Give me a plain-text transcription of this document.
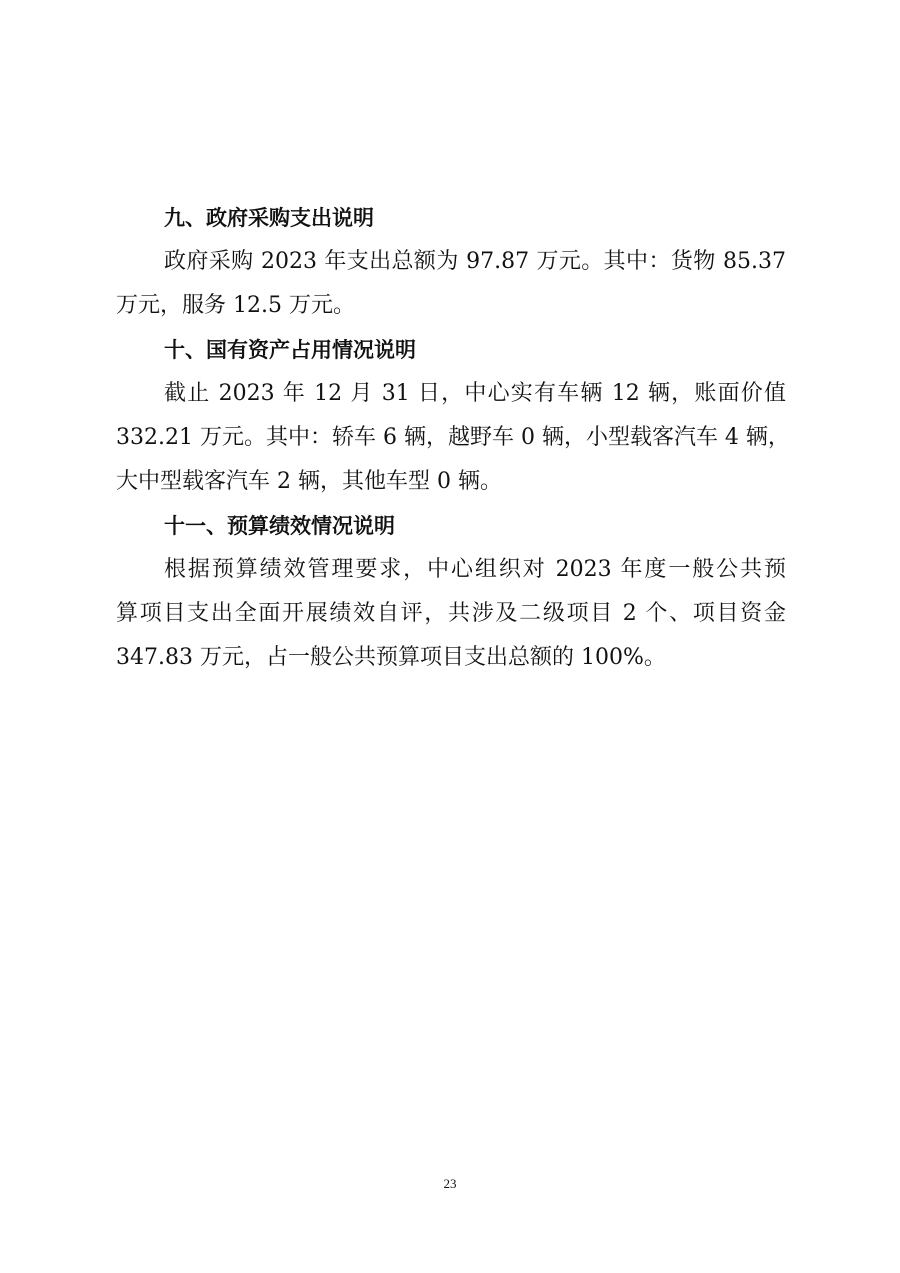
九、政府采购支出说明
政府采购 2023 年支出总额为 97.87 万元。其中：货物 85.37
万元，服务 12.5 万元。
十、国有资产占用情况说明
截止 2023 年 12 月 31 日，中心实有车辆 12 辆，账面价值
332.21 万元。其中：轿车 6 辆，越野车 0 辆，小型载客汽车 4 辆，
大中型载客汽车 2 辆，其他车型 0 辆。
十一、预算绩效情况说明
根据预算绩效管理要求，中心组织对 2023 年度一般公共预
算项目支出全面开展绩效自评，共涉及二级项目 2 个、项目资金
347.83 万元，占一般公共预算项目支出总额的 100%。
23
